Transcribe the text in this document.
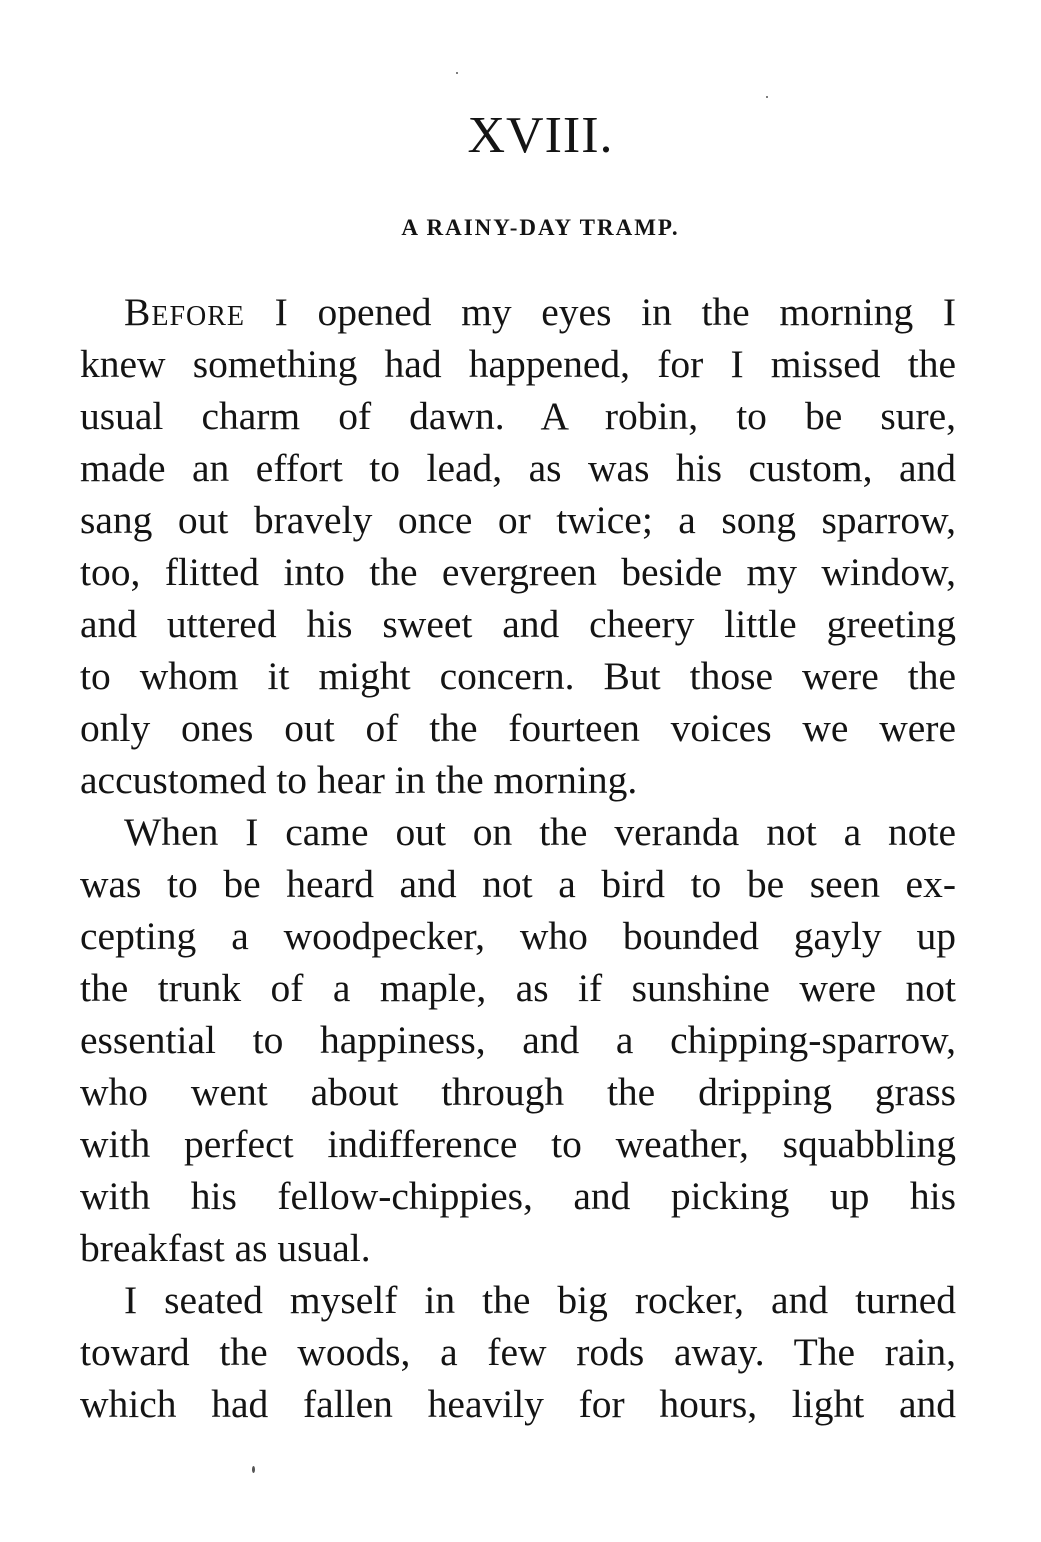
XVIII.
A RAINY-DAY TRAMP.
Before I opened my eyes in the morning I
knew something had happened, for I missed the
usual charm of dawn. A robin, to be sure,
made an effort to lead, as was his custom, and
sang out bravely once or twice; a song sparrow,
too, flitted into the evergreen beside my window,
and uttered his sweet and cheery little greeting
to whom it might concern. But those were the
only ones out of the fourteen voices we were
accustomed to hear in the morning.
When I came out on the veranda not a note
was to be heard and not a bird to be seen ex-
cepting a woodpecker, who bounded gayly up
the trunk of a maple, as if sunshine were not
essential to happiness, and a chipping-sparrow,
who went about through the dripping grass
with perfect indifference to weather, squabbling
with his fellow-chippies, and picking up his
breakfast as usual.
I seated myself in the big rocker, and turned
toward the woods, a few rods away. The rain,
which had fallen heavily for hours, light and
